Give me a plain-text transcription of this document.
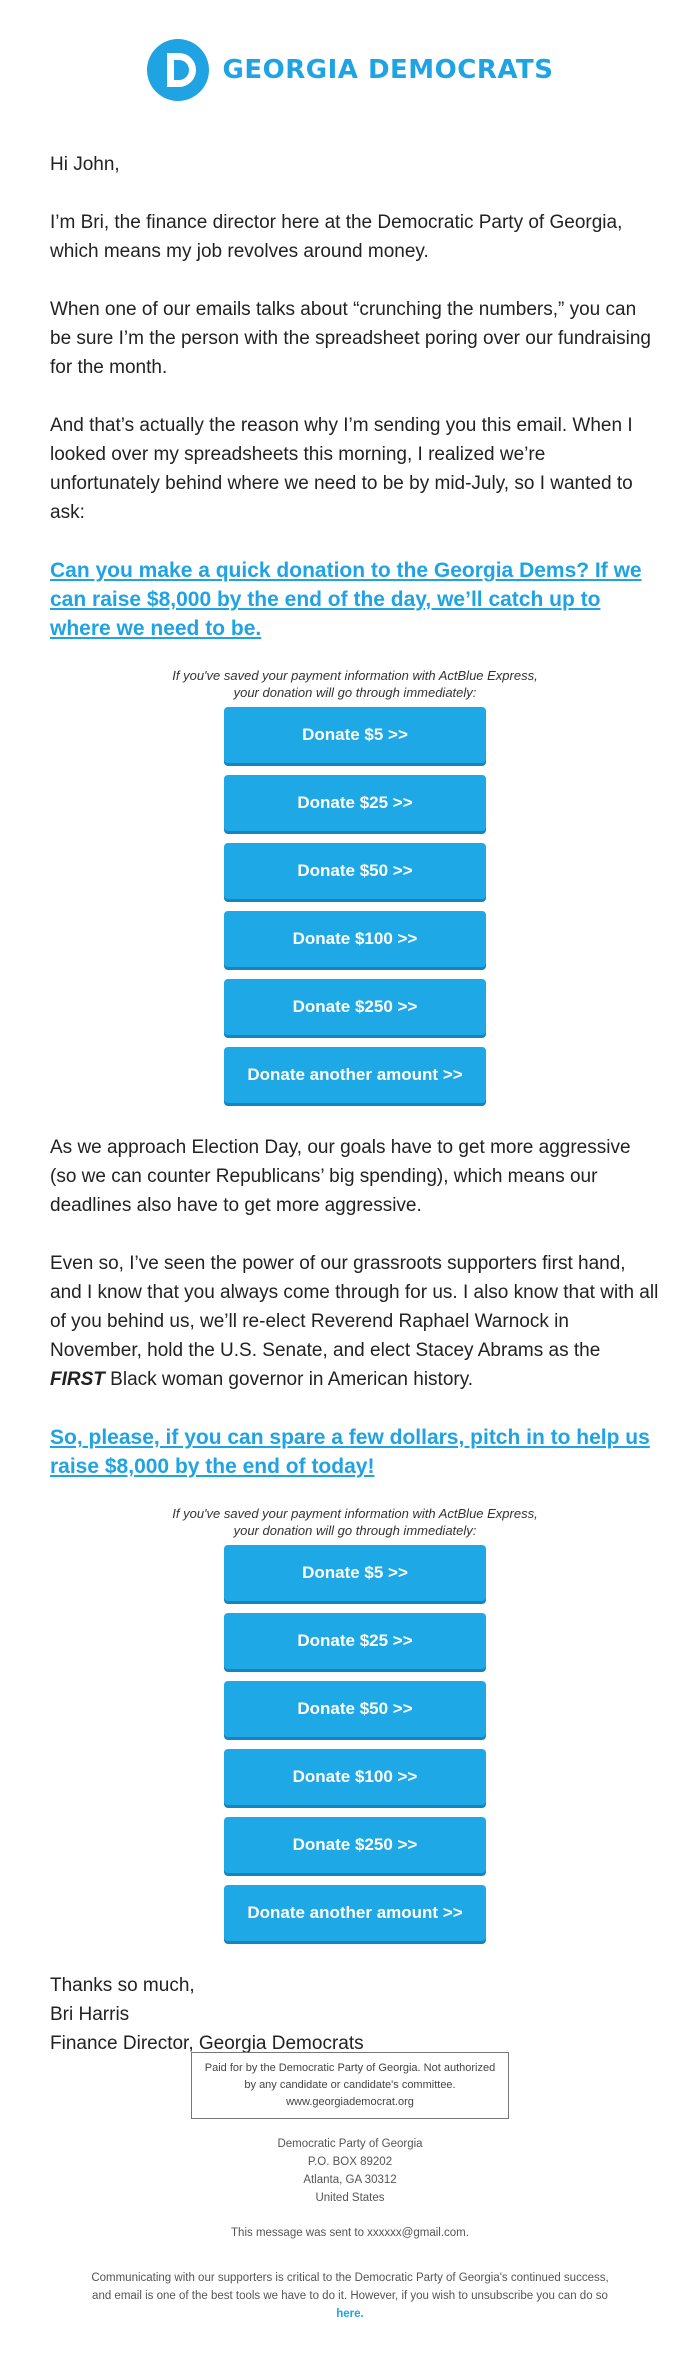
GEORGIA DEMOCRATS

Hi John,

I’m Bri, the finance director here at the Democratic Party of Georgia, which means my job revolves around money.

When one of our emails talks about “crunching the numbers,” you can be sure I’m the person with the spreadsheet poring over our fundraising for the month.

And that’s actually the reason why I’m sending you this email. When I looked over my spreadsheets this morning, I realized we’re unfortunately behind where we need to be by mid-July, so I wanted to ask:

Can you make a quick donation to the Georgia Dems? If we can raise $8,000 by the end of the day, we’ll catch up to where we need to be.
If you've saved your payment information with ActBlue Express,
your donation will go through immediately:
Donate $5 >>
Donate $25 >>
Donate $50 >>
Donate $100 >>
Donate $250 >>
Donate another amount >>

As we approach Election Day, our goals have to get more aggressive (so we can counter Republicans’ big spending), which means our deadlines also have to get more aggressive.

Even so, I’ve seen the power of our grassroots supporters first hand, and I know that you always come through for us. I also know that with all of you behind us, we’ll re-elect Reverend Raphael Warnock in November, hold the U.S. Senate, and elect Stacey Abrams as the FIRST Black woman governor in American history.

So, please, if you can spare a few dollars, pitch in to help us raise $8,000 by the end of today!
If you've saved your payment information with ActBlue Express,
your donation will go through immediately:
Donate $5 >>
Donate $25 >>
Donate $50 >>
Donate $100 >>
Donate $250 >>
Donate another amount >>
Thanks so much,
Bri Harris
Finance Director, Georgia Democrats
Paid for by the Democratic Party of Georgia. Not authorized by any candidate or candidate's committee.
www.georgiademocrat.org
Democratic Party of Georgia
P.O. BOX 89202
Atlanta, GA 30312
United States
This message was sent to xxxxxx@gmail.com.
Communicating with our supporters is critical to the Democratic Party of Georgia's continued success, and email is one of the best tools we have to do it. However, if you wish to unsubscribe you can do so here.
